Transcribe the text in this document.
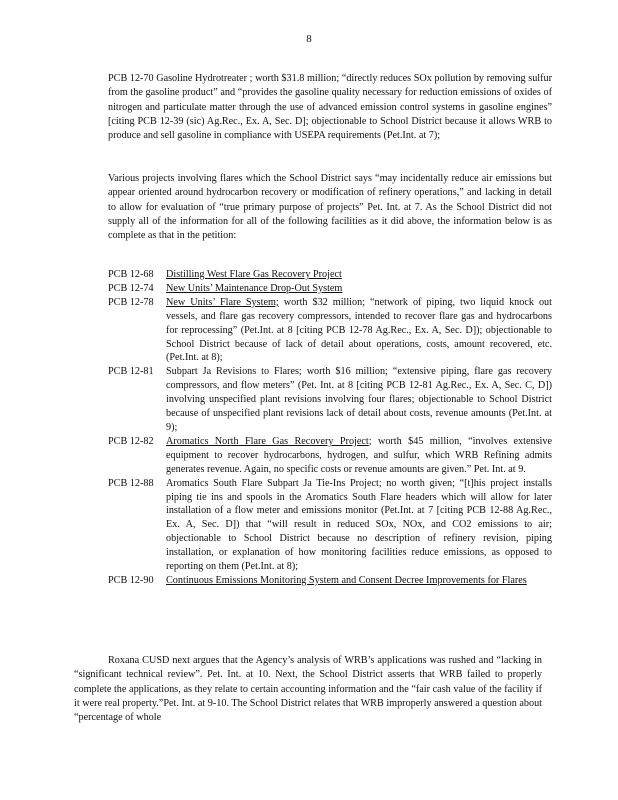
8
PCB 12-70 Gasoline Hydrotreater ; worth $31.8 million; “directly reduces SOx pollution by removing sulfur from the gasoline product” and “provides the gasoline quality necessary for reduction emissions of oxides of nitrogen and particulate matter through the use of advanced emission control systems in gasoline engines” [citing PCB 12-39 (sic) Ag.Rec., Ex. A, Sec. D]; objectionable to School District because it allows WRB to produce and sell gasoline in compliance with USEPA requirements (Pet.Int. at 7);
Various projects involving flares which the School District says “may incidentally reduce air emissions but appear oriented around hydrocarbon recovery or modification of refinery operations,” and lacking in detail to allow for evaluation of “true primary purpose of projects” Pet. Int. at 7. As the School District did not supply all of the information for all of the following facilities as it did above, the information below is as complete as that in the petition:
PCB 12-68 Distilling West Flare Gas Recovery Project
PCB 12-74 New Units’ Maintenance Drop-Out System
PCB 12-78 New Units’ Flare System; worth $32 million; “network of piping, two liquid knock out vessels, and flare gas recovery compressors, intended to recover flare gas and hydrocarbons for reprocessing” (Pet.Int. at 8 [citing PCB 12-78 Ag.Rec., Ex. A, Sec. D]); objectionable to School District because of lack of detail about operations, costs, amount recovered, etc. (Pet.Int. at 8);
PCB 12-81 Subpart Ja Revisions to Flares; worth $16 million; “extensive piping, flare gas recovery compressors, and flow meters” (Pet. Int. at 8 [citing PCB 12-81 Ag.Rec., Ex. A, Sec. C, D]) involving unspecified plant revisions involving four flares; objectionable to School District because of unspecified plant revisions lack of detail about costs, revenue amounts (Pet.Int. at 9);
PCB 12-82 Aromatics North Flare Gas Recovery Project; worth $45 million, “involves extensive equipment to recover hydrocarbons, hydrogen, and sulfur, which WRB Refining admits generates revenue. Again, no specific costs or revenue amounts are given.” Pet. Int. at 9.
PCB 12-88 Aromatics South Flare Subpart Ja Tie-Ins Project; no worth given; “[t]his project installs piping tie ins and spools in the Aromatics South Flare headers which will allow for later installation of a flow meter and emissions monitor (Pet.Int. at 7 [citing PCB 12-88 Ag.Rec., Ex. A, Sec. D]) that “will result in reduced SOx, NOx, and CO2 emissions to air; objectionable to School District because no description of refinery revision, piping installation, or explanation of how monitoring facilities reduce emissions, as opposed to reporting on them (Pet.Int. at 8);
PCB 12-90 Continuous Emissions Monitoring System and Consent Decree Improvements for Flares
Roxana CUSD next argues that the Agency’s analysis of WRB’s applications was rushed and “lacking in “significant technical review”. Pet. Int. at 10. Next, the School District asserts that WRB failed to properly complete the applications, as they relate to certain accounting information and the “fair cash value of the facility if it were real property.”Pet. Int. at 9-10. The School District relates that WRB improperly answered a question about “percentage of whole
